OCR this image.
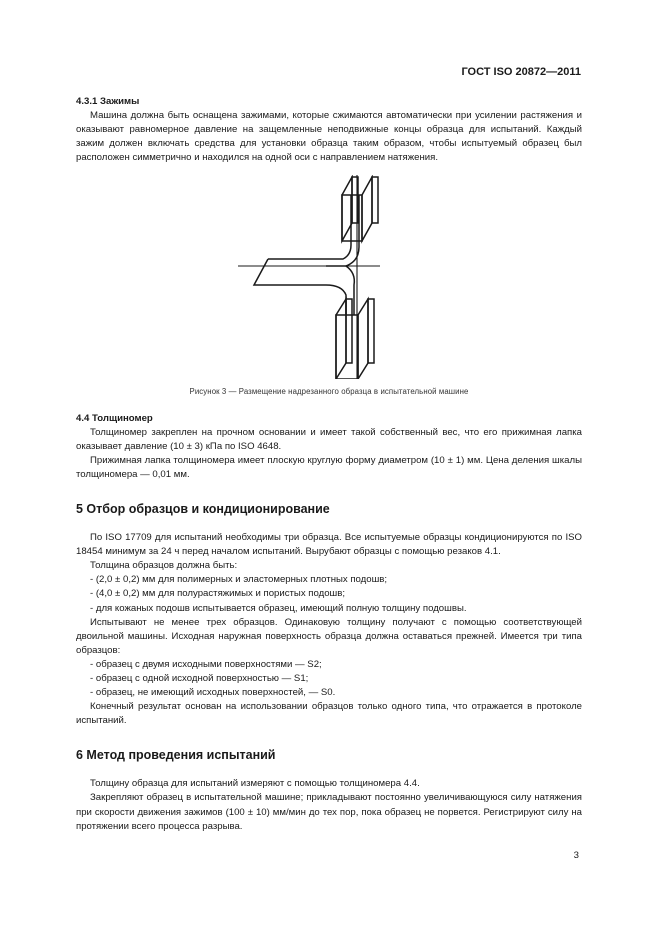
ГОСТ ISO 20872—2011
4.3.1 Зажимы
Машина должна быть оснащена зажимами, которые сжимаются автоматически при усилении растяжения и оказывают равномерное давление на защемленные неподвижные концы образца для испытаний. Каждый зажим должен включать средства для установки образца таким образом, чтобы испытуемый образец был расположен симметрично и находился на одной оси с направлением натяжения.
Рисунок 3 — Размещение надрезанного образца в испытательной машине
4.4 Толщиномер
Толщиномер закреплен на прочном основании и имеет такой собственный вес, что его прижимная лапка оказывает давление (10 ± 3) кПа по ISO 4648.
Прижимная лапка толщиномера имеет плоскую круглую форму диаметром (10 ± 1) мм. Цена деления шкалы толщиномера — 0,01 мм.
5 Отбор образцов и кондиционирование
По ISO 17709 для испытаний необходимы три образца. Все испытуемые образцы кондиционируются по ISO 18454 минимум за 24 ч перед началом испытаний. Вырубают образцы с помощью резаков 4.1.
Толщина образцов должна быть:
- (2,0 ± 0,2) мм для полимерных и эластомерных плотных подошв;
- (4,0 ± 0,2) мм для полурастяжимых и пористых подошв;
- для кожаных подошв испытывается образец, имеющий полную толщину подошвы.
Испытывают не менее трех образцов. Одинаковую толщину получают с помощью соответствующей двоильной машины. Исходная наружная поверхность образца должна оставаться прежней. Имеется три типа образцов:
- образец с двумя исходными поверхностями — S2;
- образец с одной исходной поверхностью — S1;
- образец, не имеющий исходных поверхностей, — S0.
Конечный результат основан на использовании образцов только одного типа, что отражается в протоколе испытаний.
6 Метод проведения испытаний
Толщину образца для испытаний измеряют с помощью толщиномера 4.4.
Закрепляют образец в испытательной машине; прикладывают постоянно увеличивающуюся силу натяжения при скорости движения зажимов (100 ± 10) мм/мин до тех пор, пока образец не порвется. Регистрируют силу на протяжении всего процесса разрыва.
3
